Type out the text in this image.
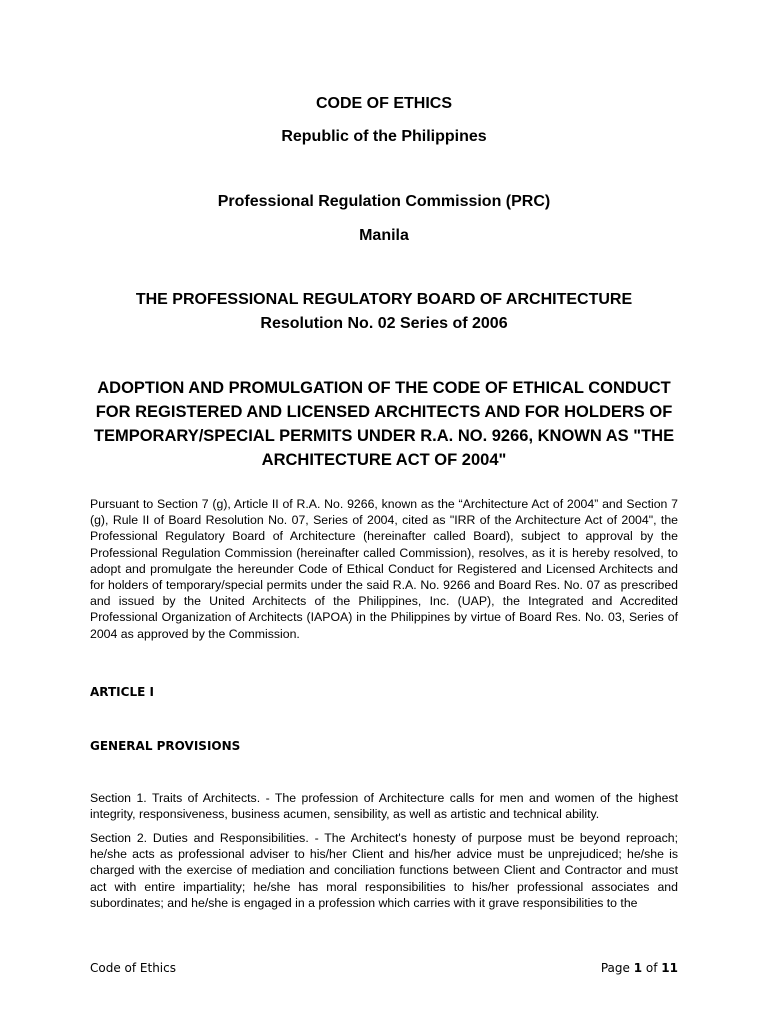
CODE OF ETHICS

Republic of the Philippines

Professional Regulation Commission (PRC)

Manila

THE PROFESSIONAL REGULATORY BOARD OF ARCHITECTURE

Resolution No. 02 Series of 2006

ADOPTION AND PROMULGATION OF THE CODE OF ETHICAL CONDUCT FOR REGISTERED AND LICENSED ARCHITECTS AND FOR HOLDERS OF TEMPORARY/SPECIAL PERMITS UNDER R.A. NO. 9266, KNOWN AS "THE ARCHITECTURE ACT OF 2004"

Pursuant to Section 7 (g), Article II of R.A. No. 9266, known as the “Architecture Act of 2004” and Section 7 (g), Rule II of Board Resolution No. 07, Series of 2004, cited as "IRR of the Architecture Act of 2004", the Professional Regulatory Board of Architecture (hereinafter called Board), subject to approval by the Professional Regulation Commission (hereinafter called Commission), resolves, as it is hereby resolved, to adopt and promulgate the hereunder Code of Ethical Conduct for Registered and Licensed Architects and for holders of temporary/special permits under the said R.A. No. 9266 and Board Res. No. 07 as prescribed and issued by the United Architects of the Philippines, Inc. (UAP), the Integrated and Accredited Professional Organization of Architects (IAPOA) in the Philippines by virtue of Board Res. No. 03, Series of 2004 as approved by the Commission.

ARTICLE I

GENERAL PROVISIONS

Section 1. Traits of Architects. - The profession of Architecture calls for men and women of the highest integrity, responsiveness, business acumen, sensibility, as well as artistic and technical ability.

Section 2. Duties and Responsibilities. - The Architect's honesty of purpose must be beyond reproach; he/she acts as professional adviser to his/her Client and his/her advice must be unprejudiced; he/she is charged with the exercise of mediation and conciliation functions between Client and Contractor and must act with entire impartiality; he/she has moral responsibilities to his/her professional associates and subordinates; and he/she is engaged in a profession which carries with it grave responsibilities to the

Code of Ethics	Page 1 of 11
